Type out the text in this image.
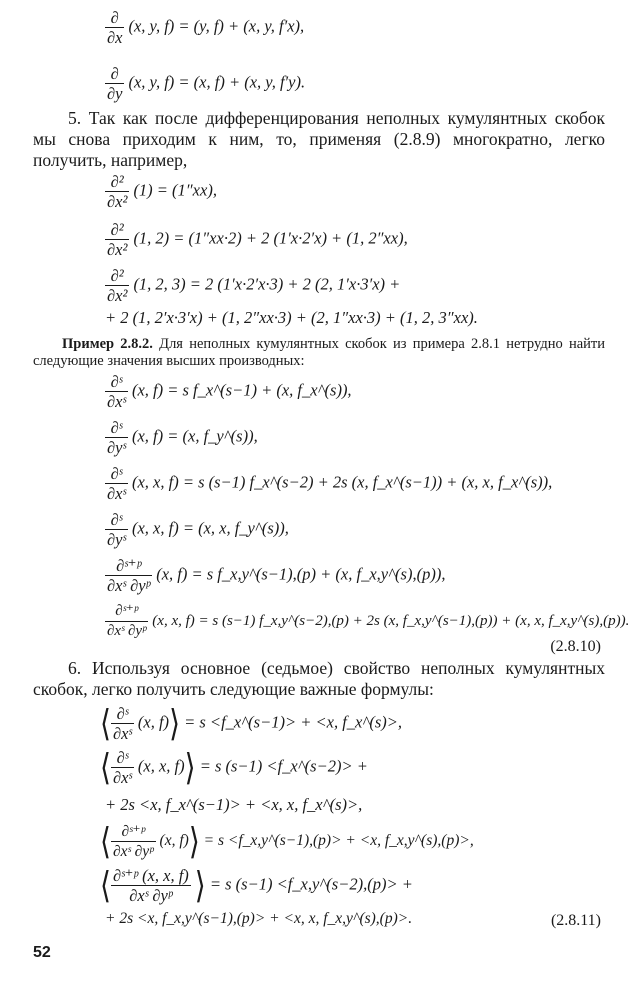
$\frac{\partial}{\partial x} (x$, y, f) = (y, f) + (x, y, f′x),
$\frac{\partial}{\partial y} (x$, y, f) = (x, f) + (x, y, f′y).
5. Так как после дифференцирования неполных кумулянтных скобок мы снова приходим к ним, то, применяя (2.8.9) многократно, легко получить, например,
$\frac{\text{∂²}}{\text{∂x²}} (1) = (1''xx)$,
$\frac{\text{∂²}}{\text{∂x²}} (1$, 2) = (1″xx·2) + 2 (1′x·2′x) + (1, 2″xx),
$\frac{\text{∂²}}{\text{∂x²}} (1$, 2, 3) = 2 (1′x·2′x·3) + 2 (2, 1′x·3′x) +
+ 2 (1, 2′x·3′x) + (1, 2″xx·3) + (2, 1″xx·3) + (1, 2, 3″xx).
Пример 2.8.2. Для неполных кумулянтных скобок из примера 2.8.1 нетрудно найти следующие значения высших производных:
$\frac{\text{∂ˢ}}{\text{∂xˢ}} (x$, f) = s f_x^(s−1) + (x, f_x^(s)),
$\frac{\text{∂ˢ}}{\text{∂yˢ}} (x$, f) = (x, f_y^(s)),
$\frac{\text{∂ˢ}}{\text{∂xˢ}} (x$, x, f) = s (s−1) f_x^(s−2) + 2s (x, f_x^(s−1)) + (x, x, f_x^(s)),
$\frac{\text{∂ˢ}}{\text{∂yˢ}} (x$, x, f) = (x, x, f_y^(s)),
$\frac{\text{∂ˢ⁺ᵖ}}{\text{∂xˢ ∂yᵖ}} (x$, f) = s f_x,y^(s−1),(p) + (x, f_x,y^(s),(p)),
$\frac{\text{∂ˢ⁺ᵖ}}{\text{∂xˢ ∂yᵖ}} (x$, x, f) = s (s−1) f_x,y^(s−2),(p) + 2s (x, f_x,y^(s−1),(p)) + (x, x, f_x,y^(s),(p)).
(2.8.10)
6. Используя основное (седьмое) свойство неполных кумулянтных скобок, легко получить следующие важные формулы:
⟨ $\frac{\text{∂ˢ}}{\text{∂xˢ}} (x$, f)⟩ = s <f_x^(s−1)> + <x, f_x^(s)>,
⟨ $\frac{\text{∂ˢ}}{\text{∂xˢ}} (x$, x, f)⟩ = s (s−1) <f_x^(s−2)> +
+ 2s <x, f_x^(s−1)> + <x, x, f_x^(s)>,
⟨ $\frac{\text{∂ˢ⁺ᵖ}}{\text{∂xˢ ∂yᵖ}} (x$, f)⟩ = s <f_x,y^(s−1),(p)> + <x, f_x,y^(s),(p)>,
⟨ $\frac{\text{∂ˢ⁺ᵖ (x, x, f)}}{\text{∂xˢ ∂yᵖ}}$ ⟩ = s (s−1) <f_x,y^(s−2),(p)> +
+ 2s <x, f_x,y^(s−1),(p)> + <x, x, f_x,y^(s),(p)>.	(2.8.11)
52
